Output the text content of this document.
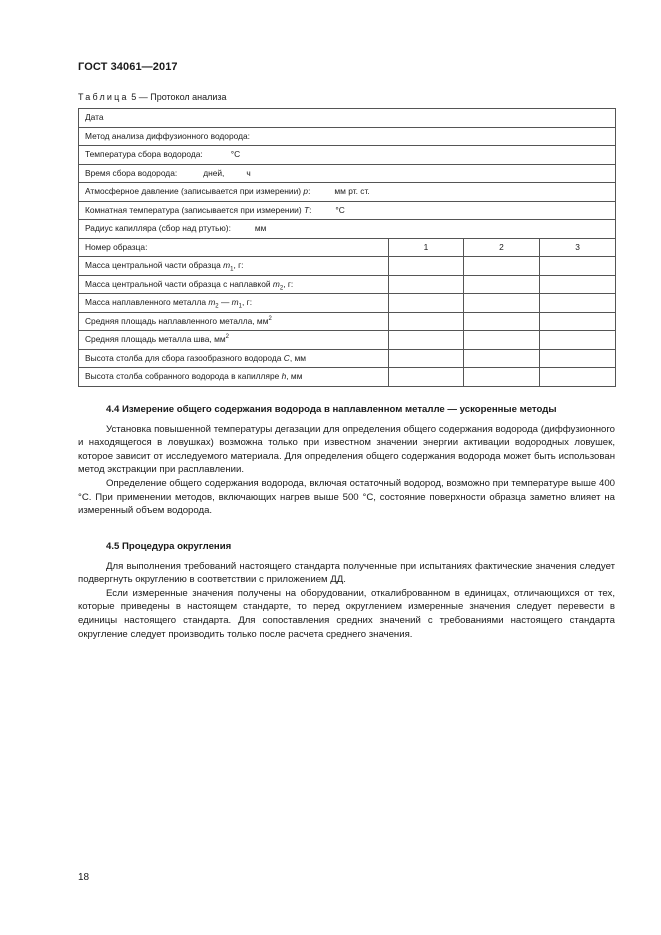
ГОСТ 34061—2017
Таблица 5 — Протокол анализа
Дата			
Метод анализа диффузионного водорода:			
Температура сбора водорода: °C			
Время сбора водорода: дней, ч			
Атмосферное давление (записывается при измерении) p: мм рт. ст.			
Комнатная температура (записывается при измерении) T: °C			
Радиус капилляра (сбор над ртутью): мм			
Номер образца:	1	2	3
Масса центральной части образца $m_1$, г:			
Масса центральной части образца с наплавкой $m_2$, г:			
Масса наплавленного металла $m_2$ — $m_1$, г:			
Средняя площадь наплавленного металла, $мм^2$			
Средняя площадь металла шва, $мм^2$			
Высота столба для сбора газообразного водорода C, мм			
Высота столба собранного водорода в капилляре h, мм			
4.4 Измерение общего содержания водорода в наплавленном металле — ускоренные методы

Установка повышенной температуры дегазации для определения общего содержания водорода (диффузионного и находящегося в ловушках) возможна только при известном значении энергии активации водородных ловушек, которое зависит от исследуемого материала. Для определения общего содержания водорода может быть использован метод экстракции при расплавлении.

Определение общего содержания водорода, включая остаточный водород, возможно при температуре выше 400 °С. При применении методов, включающих нагрев выше 500 °С, состояние поверхности образца заметно влияет на измеренный объем водорода.

4.5 Процедура округления

Для выполнения требований настоящего стандарта полученные при испытаниях фактические значения следует подвергнуть округлению в соответствии с приложением ДД.

Если измеренные значения получены на оборудовании, откалиброванном в единицах, отличающихся от тех, которые приведены в настоящем стандарте, то перед округлением измеренные значения следует перевести в единицы настоящего стандарта. Для сопоставления средних значений с требованиями настоящего стандарта округление следует производить только после расчета среднего значения.

18
